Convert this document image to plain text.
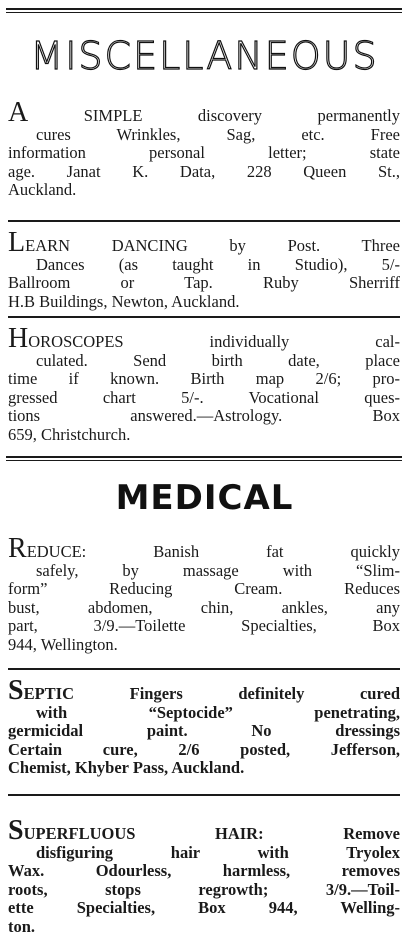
MISCELLANEOUS
A SIMPLE discovery permanently
cures Wrinkles, Sag, etc. Free
information personal letter; state
age. Janat K. Data, 228 Queen St.,
Auckland.
LEARN DANCING by Post. Three
Dances (as taught in Studio), 5/-
Ballroom or Tap. Ruby Sherriff
H.B Buildings, Newton, Auckland.
HOROSCOPES individually cal-
culated. Send birth date, place
time if known. Birth map 2/6; pro-
gressed chart 5/-. Vocational ques-
tions answered.—Astrology. Box
659, Christchurch.
MEDICAL
REDUCE: Banish fat quickly
safely, by massage with “Slim-
form” Reducing Cream. Reduces
bust, abdomen, chin, ankles, any
part, 3/9.—Toilette Specialties, Box
944, Wellington.
SEPTIC Fingers definitely cured
with “Septocide” penetrating,
germicidal paint. No dressings
Certain cure, 2/6 posted, Jefferson,
Chemist, Khyber Pass, Auckland.
SUPERFLUOUS HAIR: Remove
disfiguring hair with Tryolex
Wax. Odourless, harmless, removes
roots, stops regrowth; 3/9.—Toil-
ette Specialties, Box 944, Welling-
ton.
